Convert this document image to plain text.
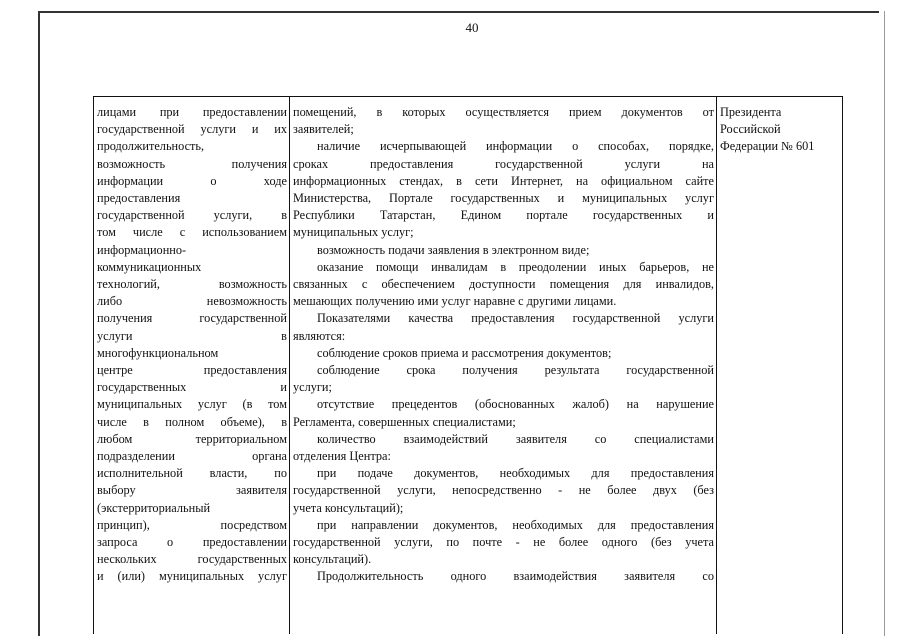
40
лицами при предоставлении
государственной услуги и их
продолжительность,
возможность получения
информации о ходе
предоставления
государственной услуги, в
том числе с использованием
информационно-
коммуникационных
технологий, возможность
либо невозможность
получения государственной
услуги в
многофункциональном
центре предоставления
государственных и
муниципальных услуг (в том
числе в полном объеме), в
любом территориальном
подразделении органа
исполнительной власти, по
выбору заявителя
(экстерриториальный
принцип), посредством
запроса о предоставлении
нескольких государственных
и (или) муниципальных услуг

помещений, в которых осуществляется прием документов от
заявителей;
наличие исчерпывающей информации о способах, порядке,
сроках предоставления государственной услуги на
информационных стендах, в сети Интернет, на официальном сайте
Министерства, Портале государственных и муниципальных услуг
Республики Татарстан, Едином портале государственных и
муниципальных услуг;
возможность подачи заявления в электронном виде;
оказание помощи инвалидам в преодолении иных барьеров, не
связанных с обеспечением доступности помещения для инвалидов,
мешающих получению ими услуг наравне с другими лицами.
Показателями качества предоставления государственной услуги
являются:
соблюдение сроков приема и рассмотрения документов;
соблюдение срока получения результата государственной
услуги;
отсутствие прецедентов (обоснованных жалоб) на нарушение
Регламента, совершенных специалистами;
количество взаимодействий заявителя со специалистами
отделения Центра:
при подаче документов, необходимых для предоставления
государственной услуги, непосредственно - не более двух (без
учета консультаций);
при направлении документов, необходимых для предоставления
государственной услуги, по почте - не более одного (без учета
консультаций).
Продолжительность одного взаимодействия заявителя со

Президента
Российской
Федерации № 601
